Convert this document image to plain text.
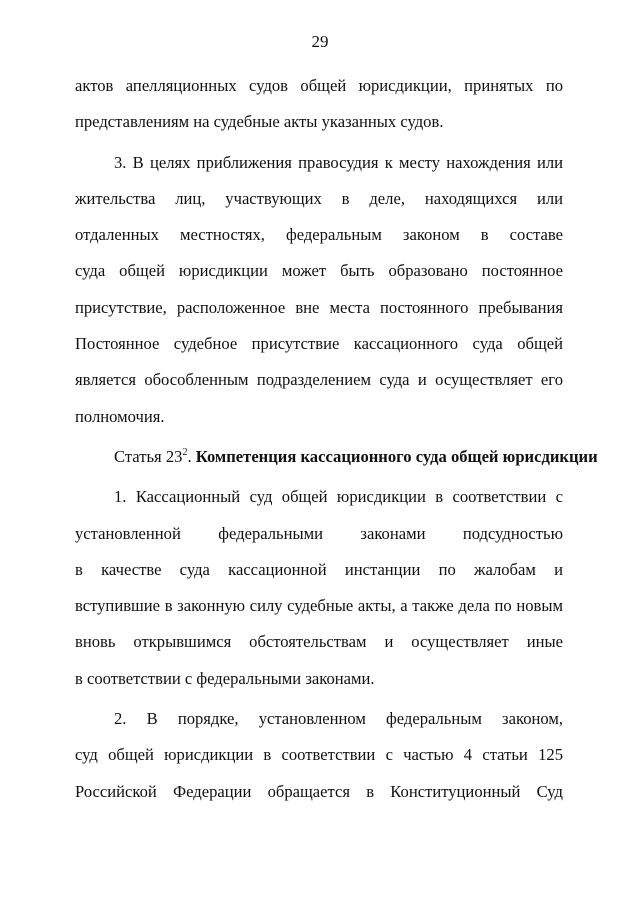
29
актов апелляционных судов общей юрисдикции, принятых по
представлениям на судебные акты указанных судов.
3. В целях приближения правосудия к месту нахождения или
жительства лиц, участвующих в деле, находящихся или
отдаленных местностях, федеральным законом в составе
суда общей юрисдикции может быть образовано постоянное
присутствие, расположенное вне места постоянного пребывания
Постоянное судебное присутствие кассационного суда общей
является обособленным подразделением суда и осуществляет его
полномочия.
Статья $23^2$. Компетенция кассационного суда общей юрисдикции
1. Кассационный суд общей юрисдикции в соответствии с
установленной федеральными законами подсудностью
в качестве суда кассационной инстанции по жалобам и
вступившие в законную силу судебные акты, а также дела по новым
вновь открывшимся обстоятельствам и осуществляет иные
в соответствии с федеральными законами.
2. В порядке, установленном федеральным законом,
суд общей юрисдикции в соответствии с частью 4 статьи 125
Российской Федерации обращается в Конституционный Суд
